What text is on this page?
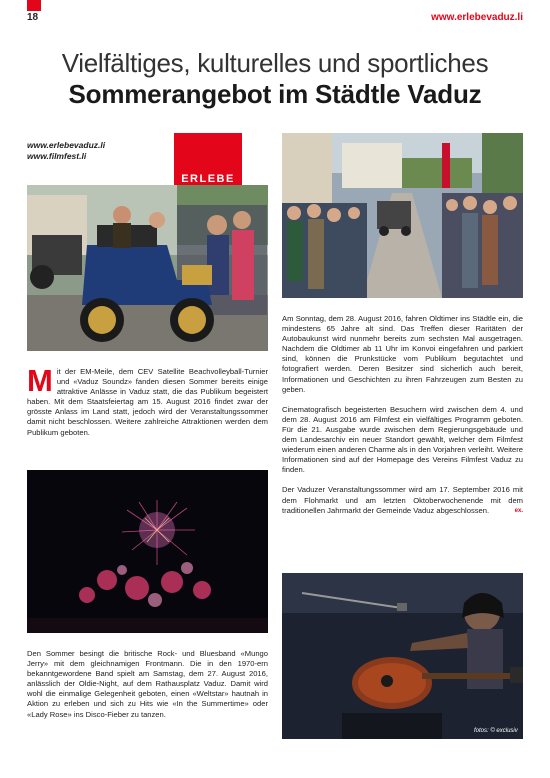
18	www.erlebevaduz.li
Vielfältiges, kulturelles und sportliches
Sommerangebot im Städtle Vaduz
www.erlebevaduz.li
www.filmfest.li
ERLEBE

Mit der EM-Meile, dem CEV Satellite Beachvolleyball-Turnier und «Vaduz Soundz» fanden diesen Sommer bereits einige attraktive Anlässe in Vaduz statt, die das Publikum begeistert haben. Mit dem Staatsfeiertag am 15. August 2016 findet zwar der grösste Anlass im Land statt, jedoch wird der Veranstaltungssommer damit nicht beschlossen. Weitere zahlreiche Attraktionen werden dem Publikum geboten.

Den Sommer besingt die britische Rock- und Bluesband «Mungo Jerry» mit dem gleichnamigen Frontmann. Die in den 1970-ern bekanntgewordene Band spielt am Samstag, dem 27. August 2016, anlässlich der Oldie-Night, auf dem Rathausplatz Vaduz. Damit wird wohl die einmalige Gelegenheit geboten, einen «Weltstar» hautnah in Aktion zu erleben und sich zu Hits wie «In the Summertime» oder «Lady Rose» ins Disco-Fieber zu tanzen.

Am Sonntag, dem 28. August 2016, fahren Oldtimer ins Städtle ein, die mindestens 65 Jahre alt sind. Das Treffen dieser Raritäten der Autobaukunst wird nunmehr bereits zum sechsten Mal ausgetragen. Nachdem die Oldtimer ab 11 Uhr im Konvoi eingefahren und parkiert sind, können die Prunkstücke vom Publikum begutachtet und fotografiert werden. Deren Besitzer sind sicherlich auch bereit, Informationen und Geschichten zu ihren Fahrzeugen zum Besten zu geben.

Cinematografisch begeisterten Besuchern wird zwischen dem 4. und dem 28. August 2016 am Filmfest ein vielfältiges Programm geboten. Für die 21. Ausgabe wurde zwischen dem Regierungsgebäude und dem Landesarchiv ein neuer Standort gewählt, welcher dem Filmfest wiederum einen anderen Charme als in den Vorjahren verleiht. Weitere Informationen sind auf der Homepage des Vereins Filmfest Vaduz zu finden.

Der Vaduzer Veranstaltungssommer wird am 17. September 2016 mit dem Flohmarkt und am letzten Oktoberwochenende mit dem traditionellen Jahrmarkt der Gemeinde Vaduz abgeschlossen.	ex.

fotos: © exclusiv
